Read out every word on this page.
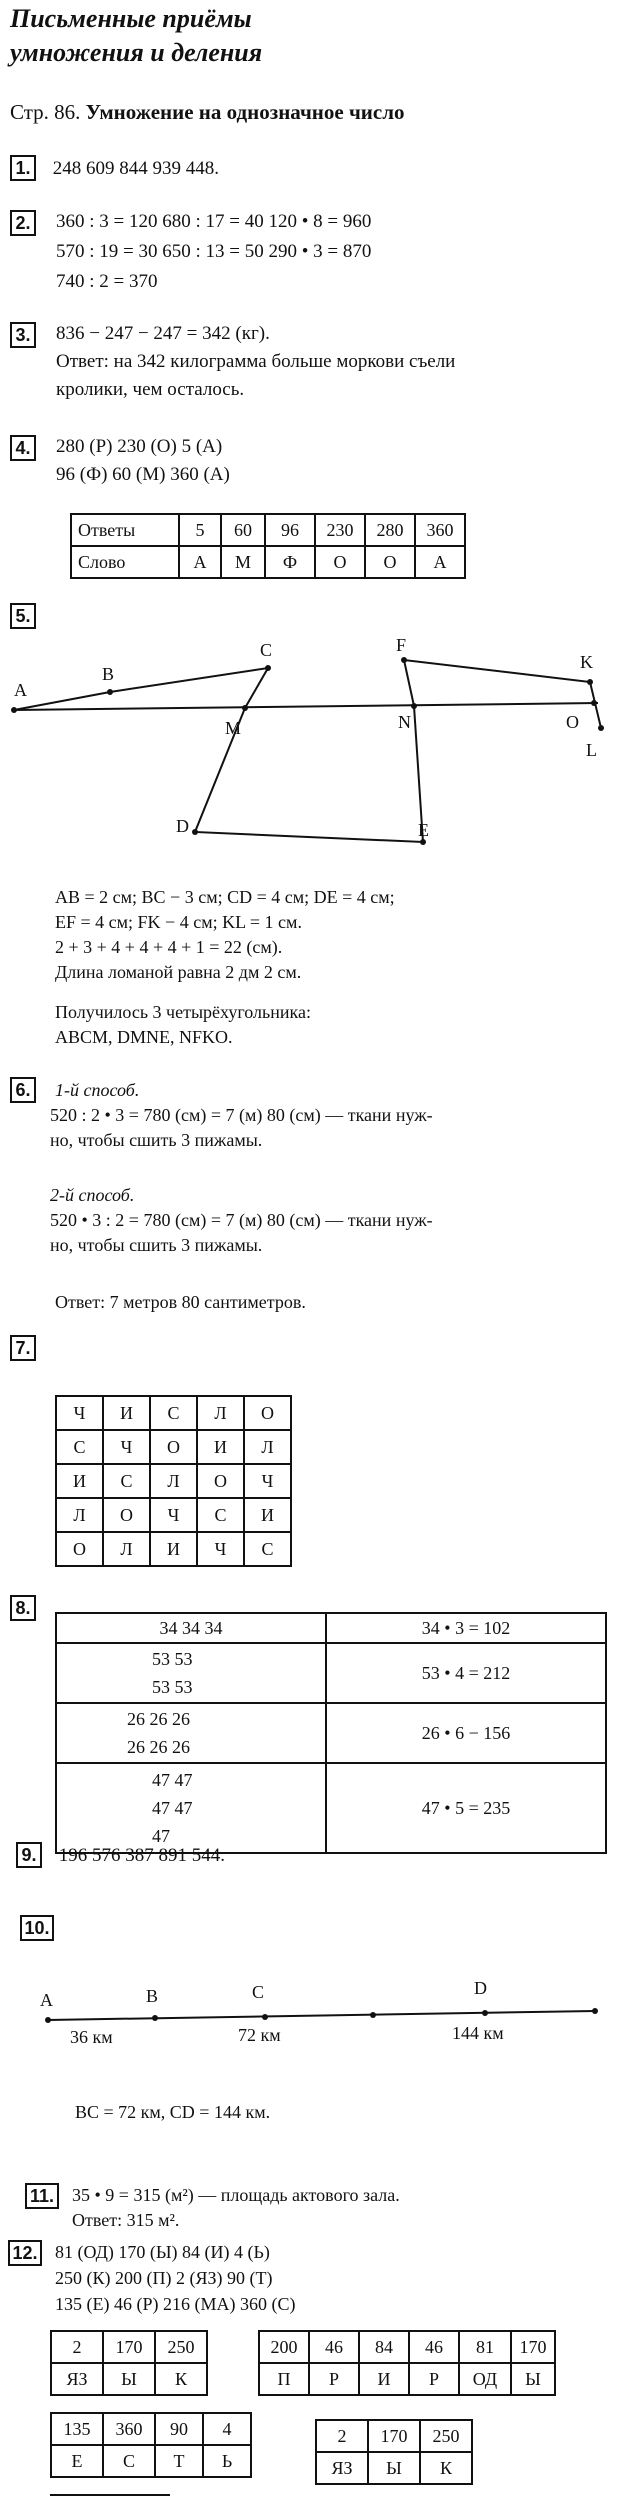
Письменные приёмы
умножения и деления
Стр. 86. Умножение на однозначное число
1. 248 609 844 939 448.
2. 360 : 3 = 120 680 : 17 = 40 120 • 8 = 960
570 : 19 = 30 650 : 13 = 50 290 • 3 = 870
740 : 2 = 370
3. 836 − 247 − 247 = 342 (кг).
Ответ: на 342 килограмма больше моркови съели
кролики, чем осталось.
4. 280 (Р) 230 (О) 5 (А)
96 (Ф) 60 (М) 360 (А)
Ответы	5	60	96	230	280	360
Слово	А	М	Ф	О	О	А
5.
A
B
C
M	N
F
K
O
L
D	E
AB = 2 см; BC − 3 см; CD = 4 см; DE = 4 см;
EF = 4 см; FK − 4 см; KL = 1 см.
2 + 3 + 4 + 4 + 4 + 1 = 22 (см).
Длина ломаной равна 2 дм 2 см.
Получилось 3 четырёхугольника:
ABCM, DMNE, NFKO.
6.	1-й способ.
520 : 2 • 3 = 780 (см) = 7 (м) 80 (см) — ткани нуж-
но, чтобы сшить 3 пижамы.
2-й способ.
520 • 3 : 2 = 780 (см) = 7 (м) 80 (см) — ткани нуж-
но, чтобы сшить 3 пижамы.
Ответ: 7 метров 80 сантиметров.
7.
Ч	И	С	Л	О
С	Ч	О	И	Л
И	С	Л	О	Ч
Л	О	Ч	С	И
О	Л	И	Ч	С
8.
34 34 34	34 • 3 = 102

53 53
53 53	53 • 4 = 212

26 26 26
26 26 26	26 • 6 − 156

47 47
47 47
47	47 • 5 = 235
9. 196 576 387 891 544.
10.
A	B	C	D
36 км	72 км	144 км
BC = 72 км, CD = 144 км.
11. 35 • 9 = 315 (м²) — площадь актового зала.
Ответ: 315 м².
12. 81 (ОД) 170 (Ы) 84 (И) 4 (Ь)
250 (К) 200 (П) 2 (ЯЗ) 90 (Т)
135 (Е) 46 (Р) 216 (МА) 360 (С)
2	170	250
ЯЗ	Ы	К
200	46	84	46	81	170
П	Р	И	Р	ОД	Ы
135	360	90	4
Е	С	Т	Ь
2	170	250
ЯЗ	Ы	К
